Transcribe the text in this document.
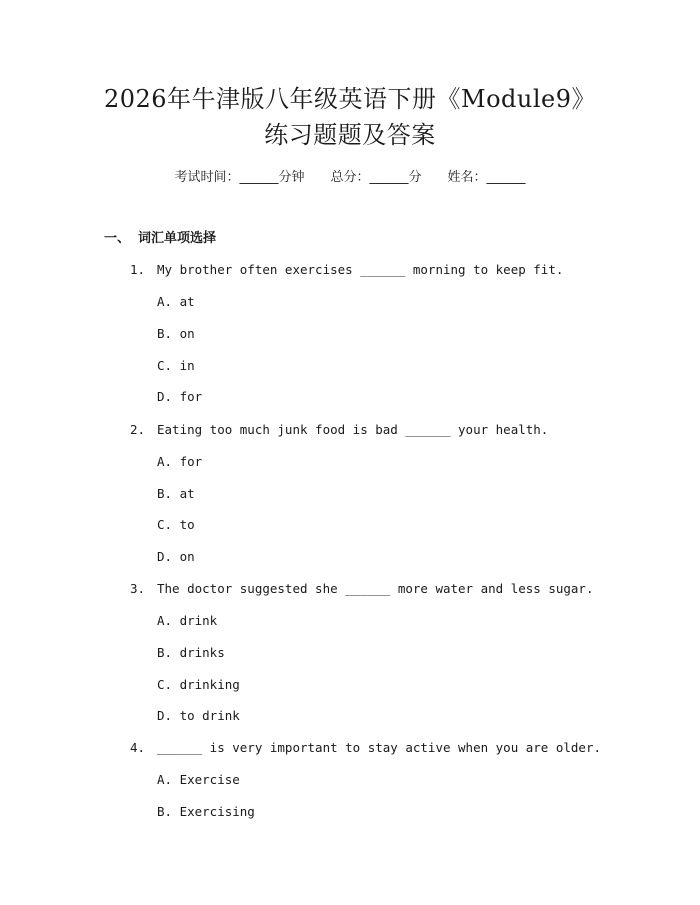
2026年牛津版八年级英语下册《Module9》
练习题题及答案
考试时间：______分钟 总分：______分 姓名：______
一、 词汇单项选择
1. My brother often exercises ______ morning to keep fit.
A. at
B. on
C. in
D. for
2. Eating too much junk food is bad ______ your health.
A. for
B. at
C. to
D. on
3. The doctor suggested she ______ more water and less sugar.
A. drink
B. drinks
C. drinking
D. to drink
4. ______ is very important to stay active when you are older.
A. Exercise
B. Exercising
